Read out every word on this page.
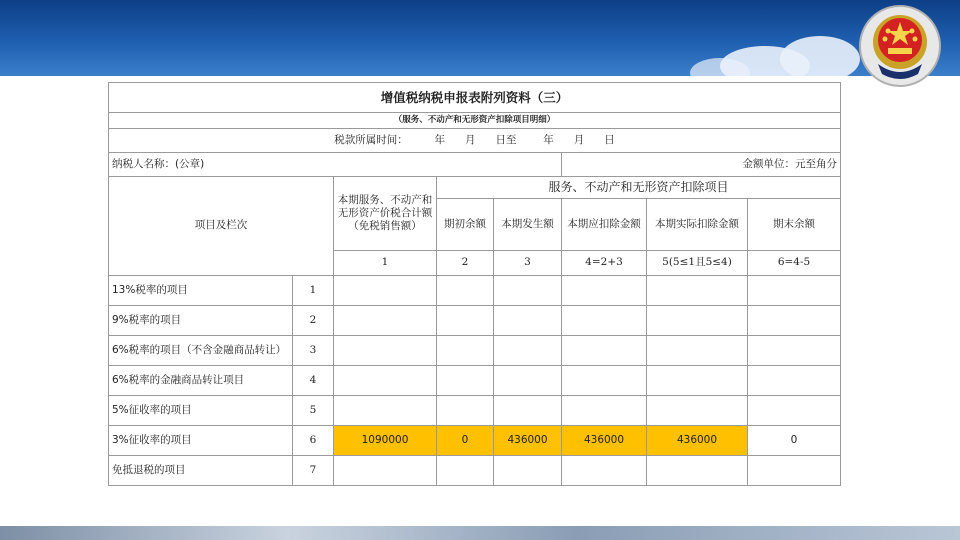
增值税纳税申报表附列资料（三）							
（服务、不动产和无形资产扣除项目明细）							
税款所属时间：        年      月      日至        年      月      日							
纳税人名称：(公章)					金额单位：元至角分		
项目及栏次		本期服务、不动产和无形资产价税合计额（免税销售额）	服务、不动产和无形资产扣除项目				
			期初余额	本期发生额	本期应扣除金额	本期实际扣除金额	期末余额
		1	2	3	4=2+3	5(5≤1且5≤4)	6=4-5
13%税率的项目	1						
9%税率的项目	2						
6%税率的项目（不含金融商品转让）	3						
6%税率的金融商品转让项目	4						
5%征收率的项目	5						
3%征收率的项目	6	1090000	0	436000	436000	436000	0
免抵退税的项目	7						
